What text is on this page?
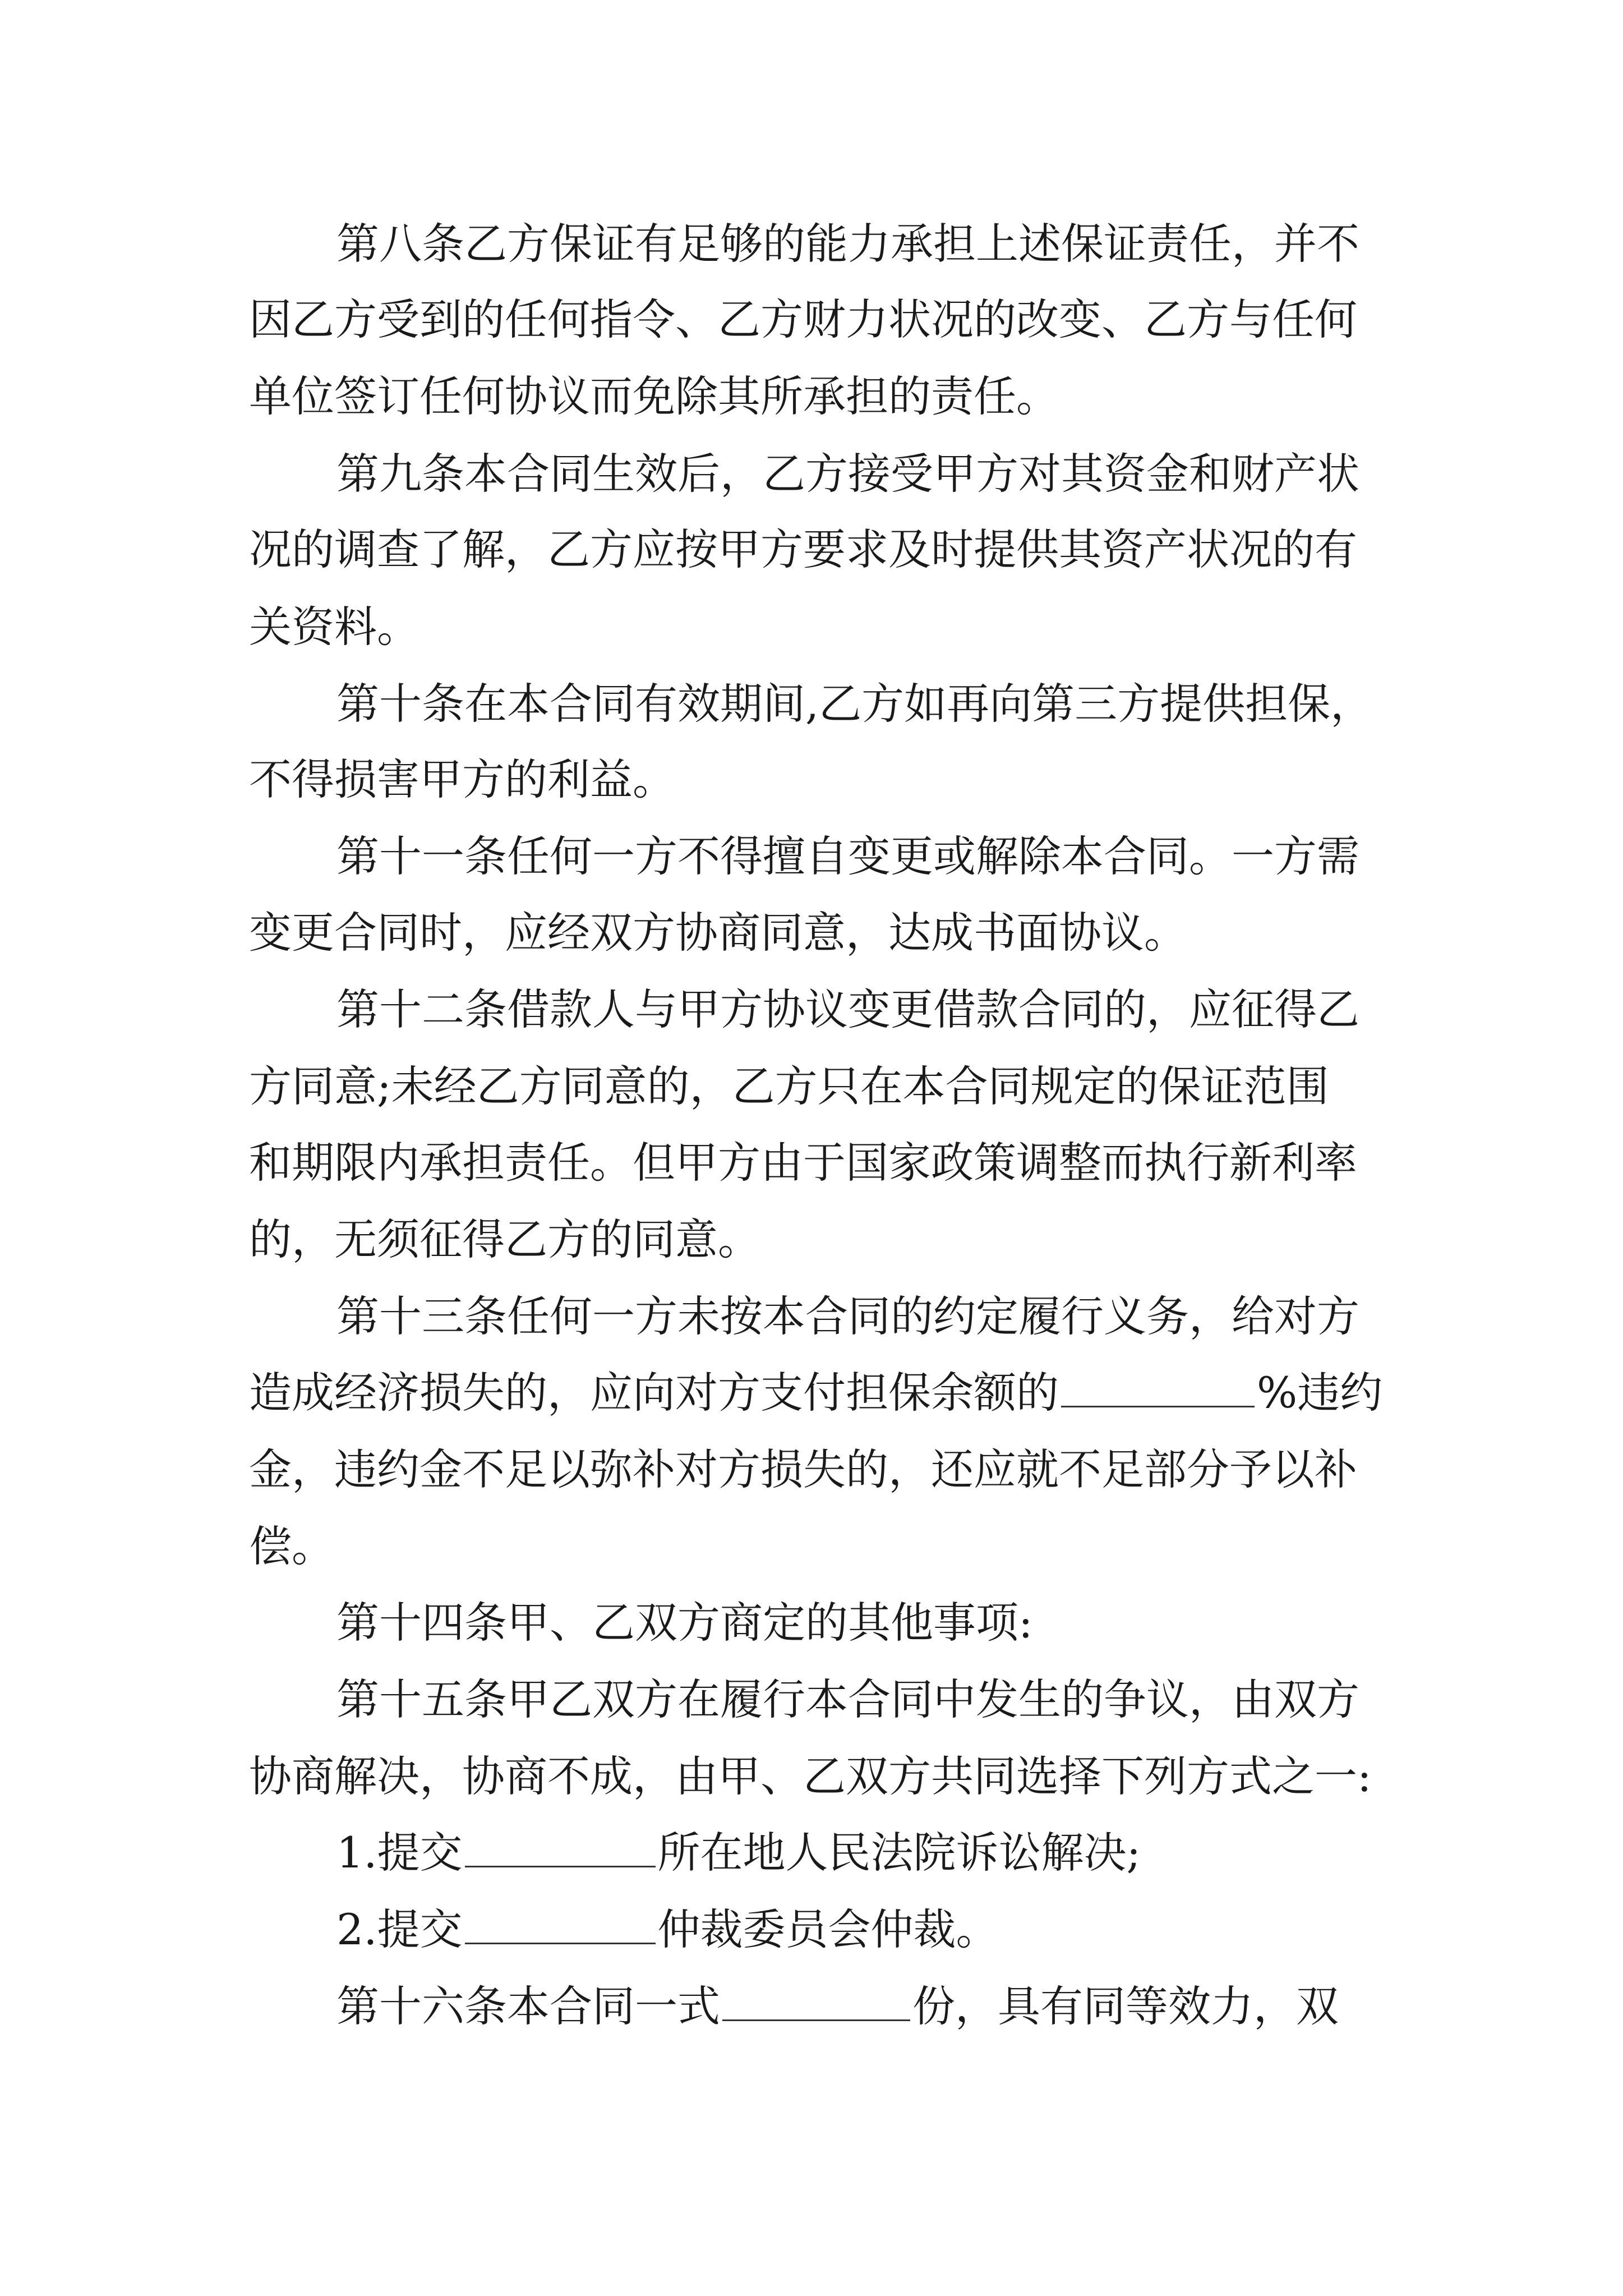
第八条乙方保证有足够的能力承担上述保证责任，并不
因乙方受到的任何指令、乙方财力状况的改变、乙方与任何
单位签订任何协议而免除其所承担的责任。
第九条本合同生效后，乙方接受甲方对其资金和财产状
况的调查了解，乙方应按甲方要求及时提供其资产状况的有
关资料。
第十条在本合同有效期间,乙方如再向第三方提供担保，
不得损害甲方的利益。
第十一条任何一方不得擅自变更或解除本合同。一方需
变更合同时，应经双方协商同意，达成书面协议。
第十二条借款人与甲方协议变更借款合同的，应征得乙
方同意;未经乙方同意的，乙方只在本合同规定的保证范围
和期限内承担责任。但甲方由于国家政策调整而执行新利率
的，无须征得乙方的同意。
第十三条任何一方未按本合同的约定履行义务，给对方
造成经济损失的，应向对方支付担保余额的	%违约
金，违约金不足以弥补对方损失的，还应就不足部分予以补
偿。
第十四条甲、乙双方商定的其他事项:
第十五条甲乙双方在履行本合同中发生的争议，由双方
协商解决，协商不成，由甲、乙双方共同选择下列方式之一:
1.提交	所在地人民法院诉讼解决;
2.提交	仲裁委员会仲裁。
第十六条本合同一式	份，具有同等效力，双
